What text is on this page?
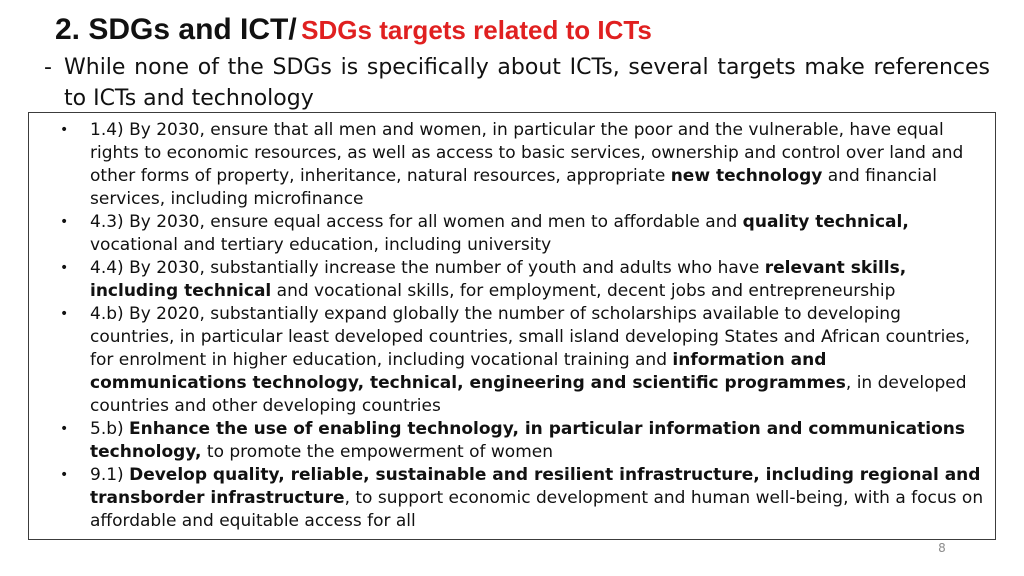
2. SDGs and ICT/ SDGs targets related to ICTs
- While none of the SDGs is specifically about ICTs, several targets make references to ICTs and technology
• 1.4) By 2030, ensure that all men and women, in particular the poor and the vulnerable, have equal rights to economic resources, as well as access to basic services, ownership and control over land and other forms of property, inheritance, natural resources, appropriate new technology and financial services, including microfinance
• 4.3) By 2030, ensure equal access for all women and men to affordable and quality technical, vocational and tertiary education, including university
• 4.4) By 2030, substantially increase the number of youth and adults who have relevant skills, including technical and vocational skills, for employment, decent jobs and entrepreneurship
• 4.b) By 2020, substantially expand globally the number of scholarships available to developing countries, in particular least developed countries, small island developing States and African countries, for enrolment in higher education, including vocational training and information and communications technology, technical, engineering and scientific programmes, in developed countries and other developing countries
• 5.b) Enhance the use of enabling technology, in particular information and communications technology, to promote the empowerment of women
• 9.1) Develop quality, reliable, sustainable and resilient infrastructure, including regional and transborder infrastructure, to support economic development and human well-being, with a focus on affordable and equitable access for all
8
